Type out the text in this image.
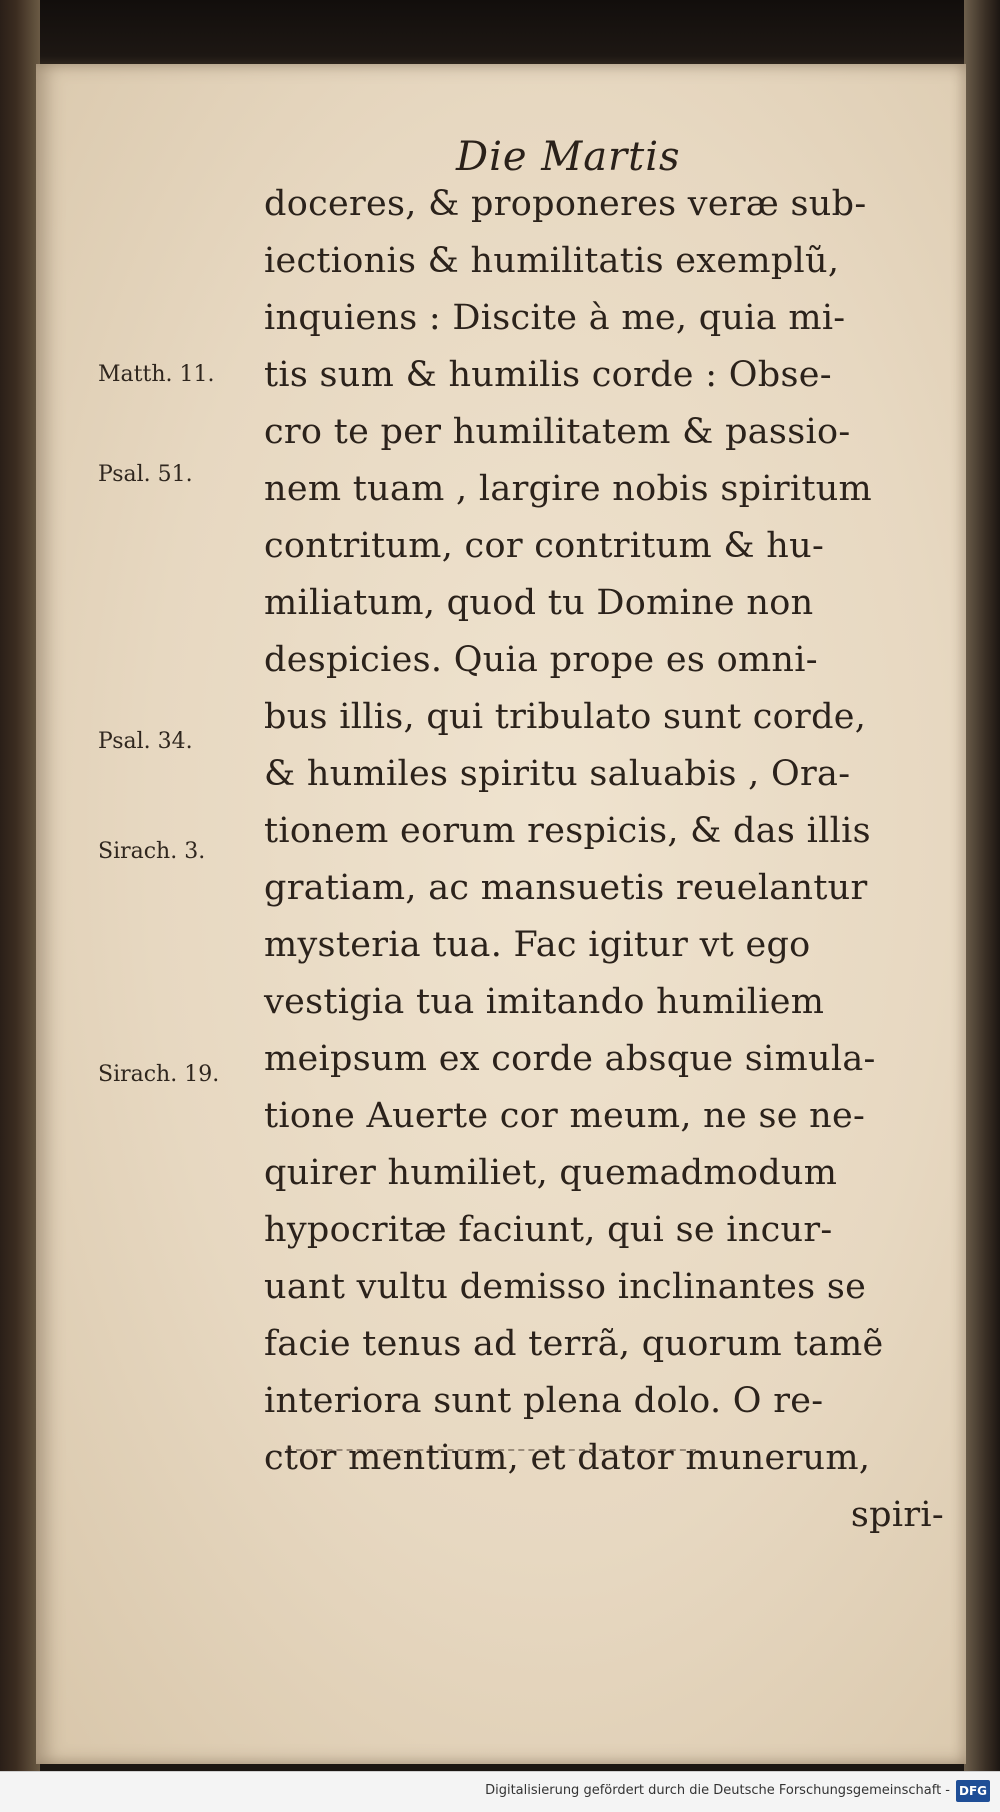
Die Martis
doceres, & proponeres veræ sub-
iectionis & humilitatis exemplũ,
inquiens : Discite à me, quia mi-
tis sum & humilis corde : Obse-
cro te per humilitatem & passio-
nem tuam , largire nobis spiritum
contritum, cor contritum & hu-
miliatum, quod tu Domine non
despicies. Quia prope es omni-
bus illis, qui tribulato sunt corde,
& humiles spiritu saluabis , Ora-
tionem eorum respicis, & das illis
gratiam, ac mansuetis reuelantur
mysteria tua. Fac igitur vt ego
vestigia tua imitando humiliem
meipsum ex corde absque simula-
tione Auerte cor meum, ne se ne-
quirer humiliet, quemadmodum
hypocritæ faciunt, qui se incur-
uant vultu demisso inclinantes se
facie tenus ad terrã, quorum tamẽ
interiora sunt plena dolo. O re-
ctor mentium, et dator munerum,
spiri-
Matth. 11.
Psal. 51.
Psal. 34.
Sirach. 3.
Sirach. 19.
Digitalisierung gefördert durch die Deutsche Forschungsgemeinschaft - DFG
